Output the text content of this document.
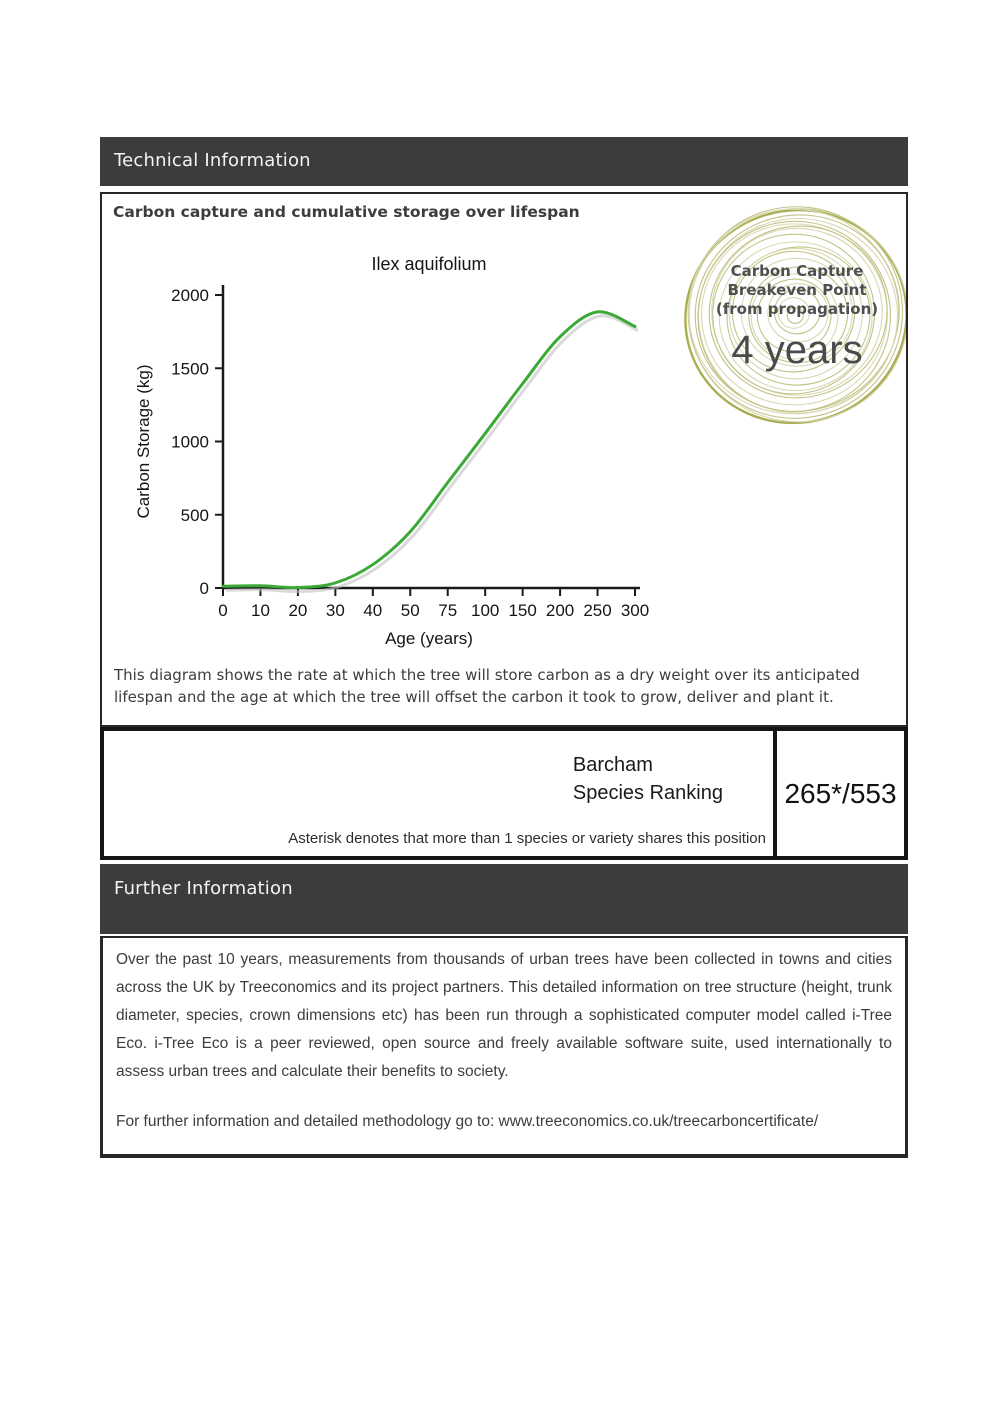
Technical Information
Carbon capture and cumulative storage over lifespan
Ilex aquifolium
Carbon Storage (kg)
Age (years)
0
500
1000
1500
2000
0 10 20 30 40 50 75 100 150 200 250 300
Carbon Capture
Breakeven Point
(from propagation)
4 years

This diagram shows the rate at which the tree will store carbon as a dry weight over its anticipated lifespan and the age at which the tree will offset the carbon it took to grow, deliver and plant it.

Barcham
Species Ranking
Asterisk denotes that more than 1 species or variety shares this position
265*/553
Further Information

Over the past 10 years, measurements from thousands of urban trees have been collected in towns and cities across the UK by Treeconomics and its project partners. This detailed information on tree structure (height, trunk diameter, species, crown dimensions etc) has been run through a sophisticated computer model called i-Tree Eco. i-Tree Eco is a peer reviewed, open source and freely available software suite, used internationally to assess urban trees and calculate their benefits to society.

For further information and detailed methodology go to: www.treeconomics.co.uk/treecarboncertificate/
